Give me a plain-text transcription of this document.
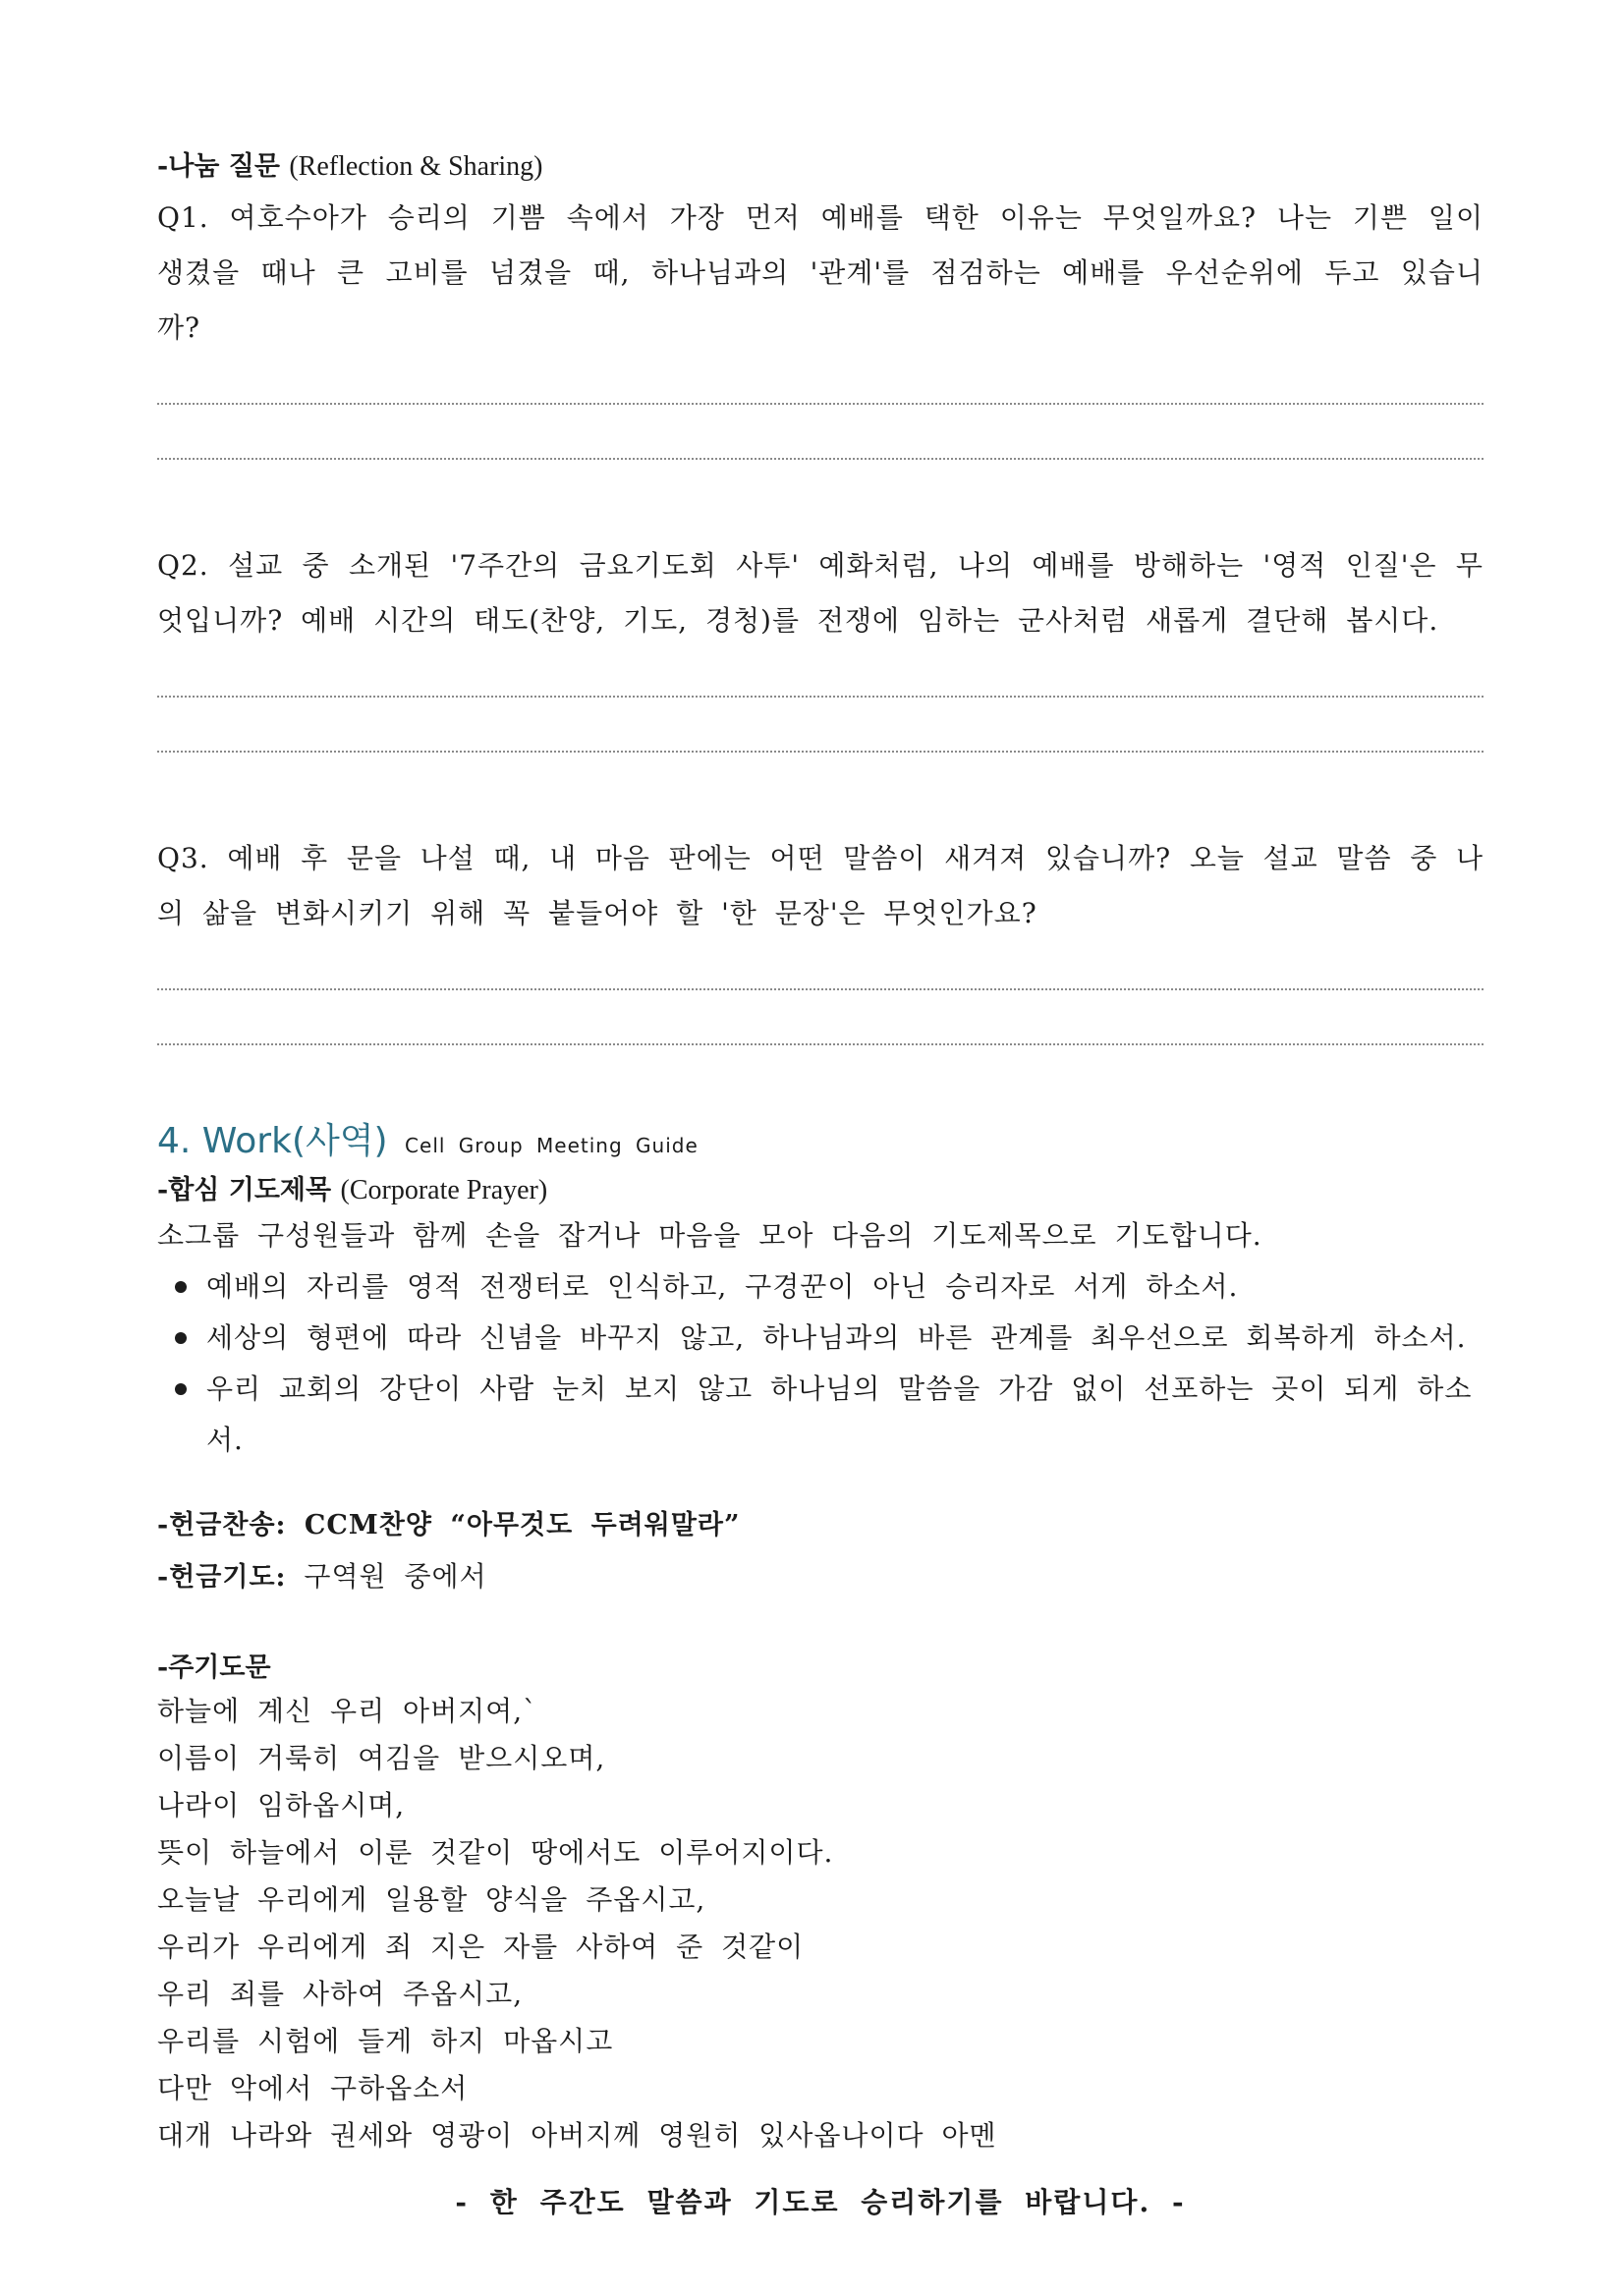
-나눔 질문 (Reflection & Sharing)

Q1. 여호수아가 승리의 기쁨 속에서 가장 먼저 예배를 택한 이유는 무엇일까요? 나는 기쁜 일이 생겼을 때나 큰 고비를 넘겼을 때, 하나님과의 '관계'를 점검하는 예배를 우선순위에 두고 있습니까?

Q2. 설교 중 소개된 '7주간의 금요기도회 사투' 예화처럼, 나의 예배를 방해하는 '영적 인질'은 무엇입니까? 예배 시간의 태도(찬양, 기도, 경청)를 전쟁에 임하는 군사처럼 새롭게 결단해 봅시다.

Q3. 예배 후 문을 나설 때, 내 마음 판에는 어떤 말씀이 새겨져 있습니까? 오늘 설교 말씀 중 나의 삶을 변화시키기 위해 꼭 붙들어야 할 '한 문장'은 무엇인가요?

4. Work(사역) Cell Group Meeting Guide

-합심 기도제목 (Corporate Prayer)

소그룹 구성원들과 함께 손을 잡거나 마음을 모아 다음의 기도제목으로 기도합니다.

예배의 자리를 영적 전쟁터로 인식하고, 구경꾼이 아닌 승리자로 서게 하소서.
세상의 형편에 따라 신념을 바꾸지 않고, 하나님과의 바른 관계를 최우선으로 회복하게 하소서.
우리 교회의 강단이 사람 눈치 보지 않고 하나님의 말씀을 가감 없이 선포하는 곳이 되게 하소서.

-헌금찬송: CCM찬양 “아무것도 두려워말라”

-헌금기도: 구역원 중에서

-주기도문

하늘에 계신 우리 아버지여,`

이름이 거룩히 여김을 받으시오며,

나라이 임하옵시며,

뜻이 하늘에서 이룬 것같이 땅에서도 이루어지이다.

오늘날 우리에게 일용할 양식을 주옵시고,

우리가 우리에게 죄 지은 자를 사하여 준 것같이

우리 죄를 사하여 주옵시고,

우리를 시험에 들게 하지 마옵시고

다만 악에서 구하옵소서

대개 나라와 권세와 영광이 아버지께 영원히 있사옵나이다 아멘

- 한 주간도 말씀과 기도로 승리하기를 바랍니다. -
